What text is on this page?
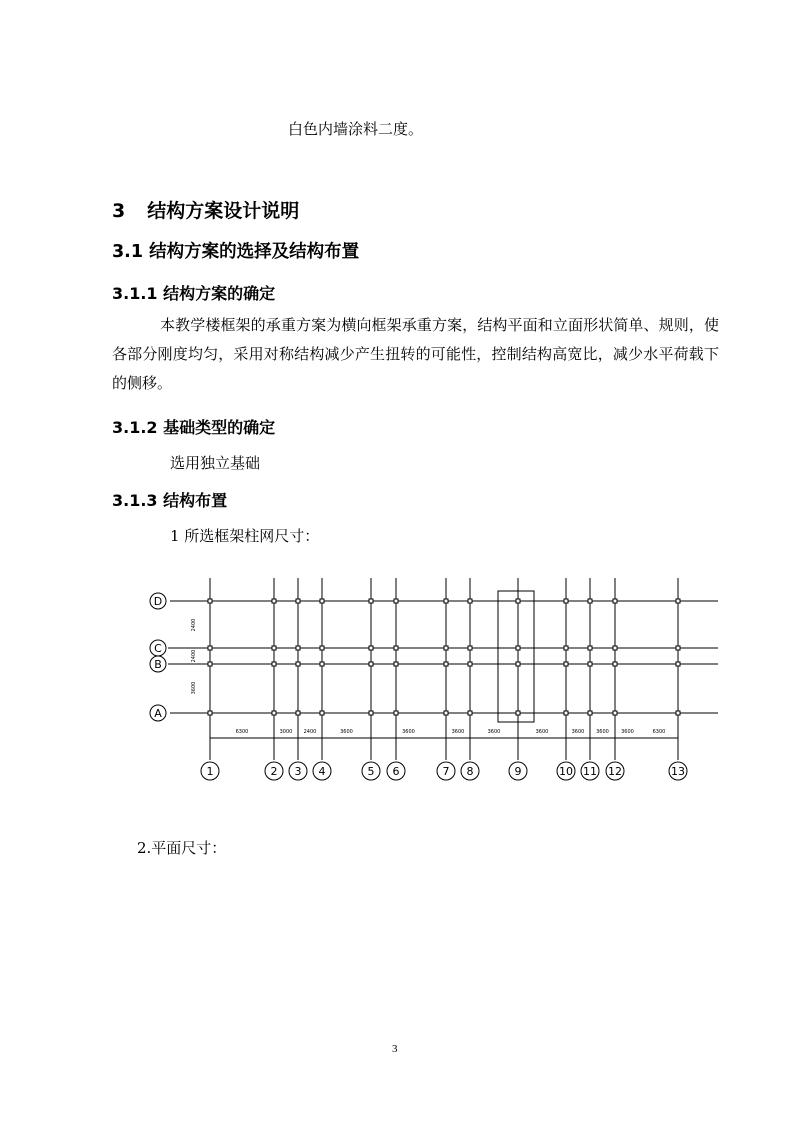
白色内墙涂料二度。
3 结构方案设计说明
3.1 结构方案的选择及结构布置
3.1.1 结构方案的确定
本教学楼框架的承重方案为横向框架承重方案，结构平面和立面形状简单、规则，使各部分刚度均匀，采用对称结构减少产生扭转的可能性，控制结构高宽比，减少水平荷载下的侧移。
3.1.2 基础类型的确定
选用独立基础
3.1.3 结构布置
1 所选框架柱网尺寸：
D
C
B
A
1	2 3 4	5 6	7 8	9	10 11 12	13
6300	3000 2400	3600	3600	3600	3600	3600	3600 3600 3600	6300
2400
2400
3600
2.平面尺寸：
3
